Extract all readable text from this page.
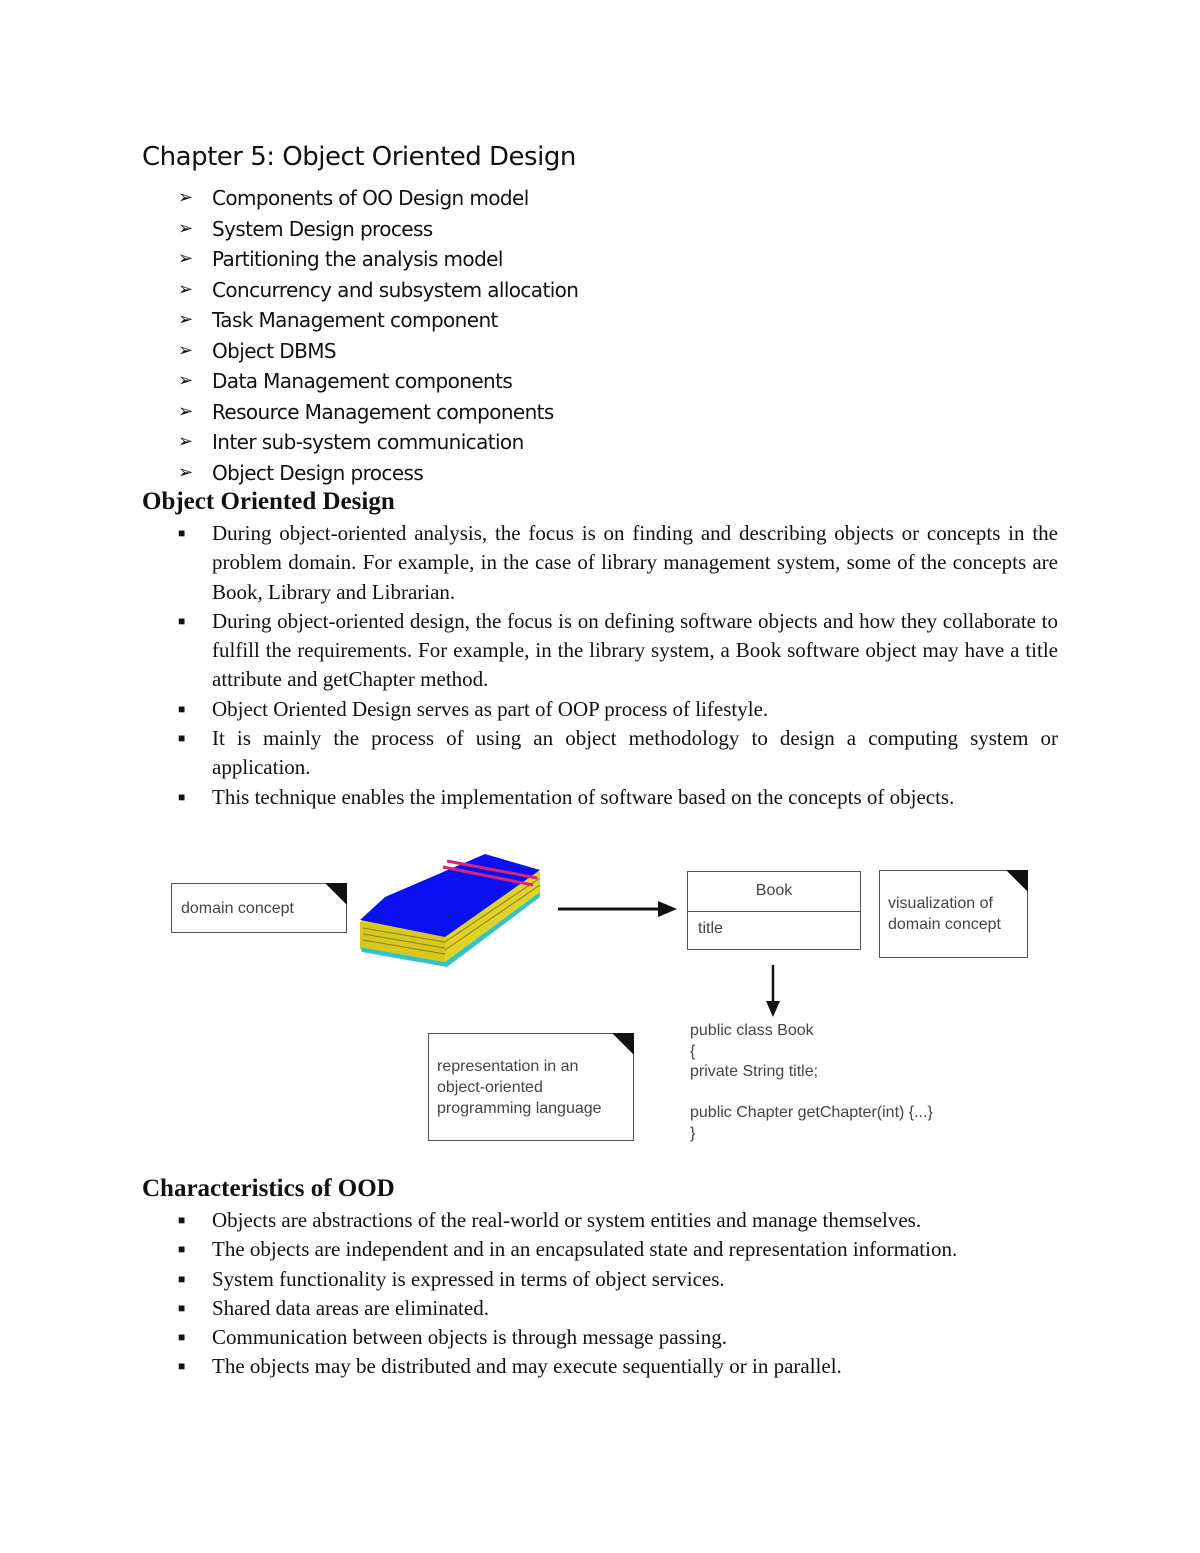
Chapter 5: Object Oriented Design
➢ Components of OO Design model
➢ System Design process
➢ Partitioning the analysis model
➢ Concurrency and subsystem allocation
➢ Task Management component
➢ Object DBMS
➢ Data Management components
➢ Resource Management components
➢ Inter sub-system communication
➢ Object Design process
Object Oriented Design
■	During object-oriented analysis, the focus is on finding and describing objects or concepts in the problem domain. For example, in the case of library management system, some of the concepts are Book, Library and Librarian.
■	During object-oriented design, the focus is on defining software objects and how they collaborate to fulfill the requirements. For example, in the library system, a Book software object may have a title attribute and getChapter method.
■	Object Oriented Design serves as part of OOP process of lifestyle.
■	It is mainly the process of using an object methodology to design a computing system or application.
■	This technique enables the implementation of software based on the concepts of objects.
domain concept
Book
title
visualization of domain concept
representation in an object-oriented programming language
public class Book
{
private String title;
public Chapter getChapter(int) {...}
}
Characteristics of OOD
■	Objects are abstractions of the real-world or system entities and manage themselves.
■	The objects are independent and in an encapsulated state and representation information.
■	System functionality is expressed in terms of object services.
■	Shared data areas are eliminated.
■	Communication between objects is through message passing.
■	The objects may be distributed and may execute sequentially or in parallel.
